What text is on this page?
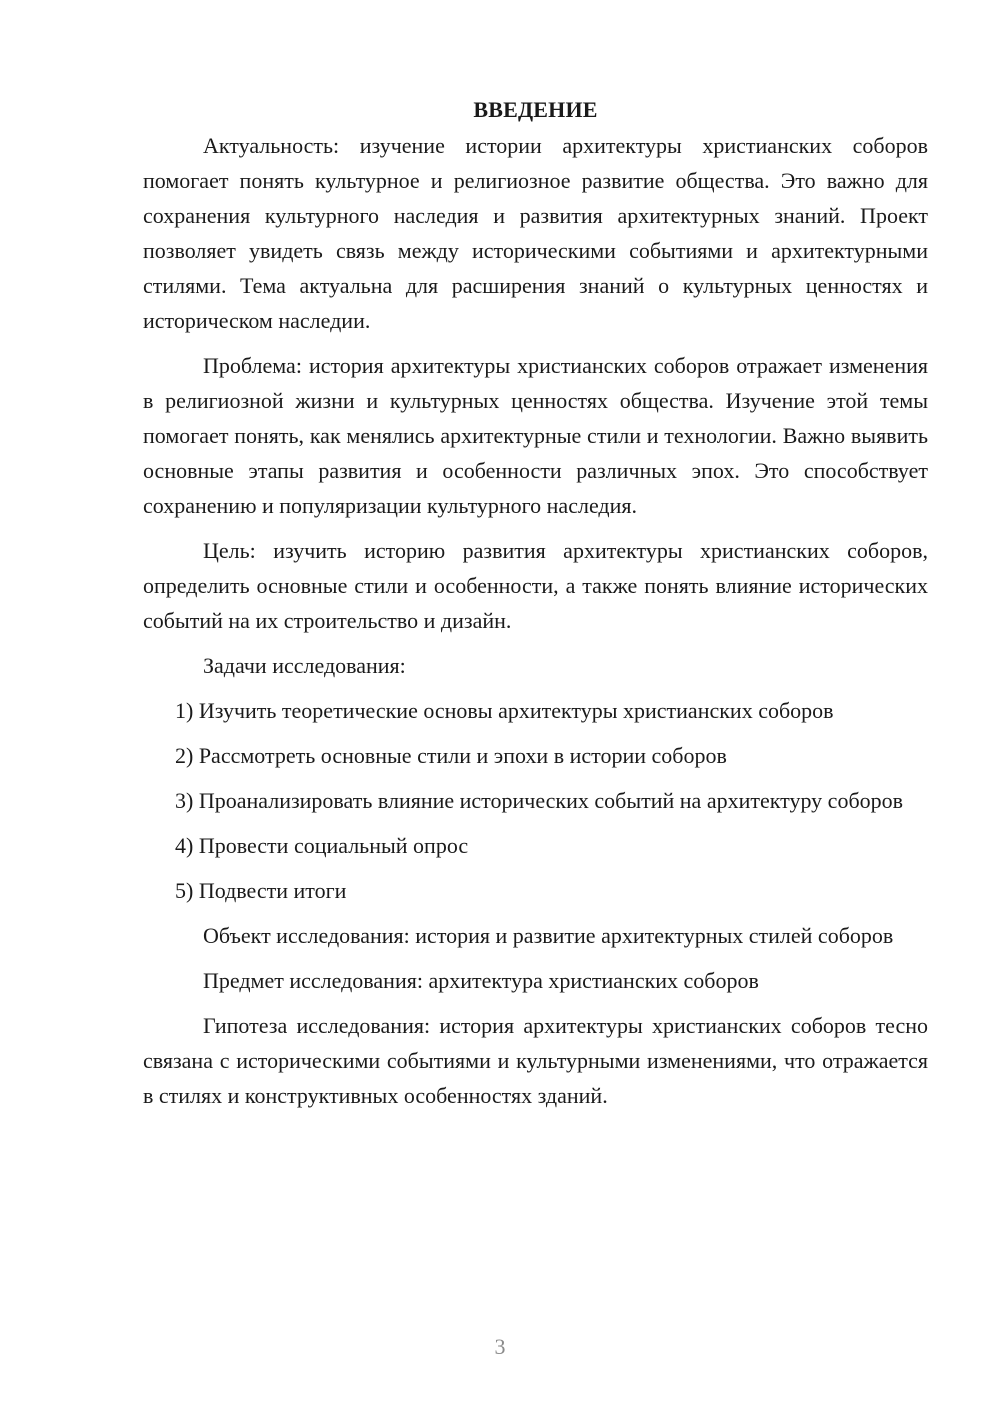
ВВЕДЕНИЕ

Актуальность: изучение истории архитектуры христианских соборов помогает понять культурное и религиозное развитие общества. Это важно для сохранения культурного наследия и развития архитектурных знаний. Проект позволяет увидеть связь между историческими событиями и архитектурными стилями. Тема актуальна для расширения знаний о культурных ценностях и историческом наследии.

Проблема: история архитектуры христианских соборов отражает изменения в религиозной жизни и культурных ценностях общества. Изучение этой темы помогает понять, как менялись архитектурные стили и технологии. Важно выявить основные этапы развития и особенности различных эпох. Это способствует сохранению и популяризации культурного наследия.

Цель: изучить историю развития архитектуры христианских соборов, определить основные стили и особенности, а также понять влияние исторических событий на их строительство и дизайн.

Задачи исследования:

1) Изучить теоретические основы архитектуры христианских соборов

2) Рассмотреть основные стили и эпохи в истории соборов

3) Проанализировать влияние исторических событий на архитектуру соборов

4) Провести социальный опрос

5) Подвести итоги

Объект исследования: история и развитие архитектурных стилей соборов

Предмет исследования: архитектура христианских соборов

Гипотеза исследования: история архитектуры христианских соборов тесно связана с историческими событиями и культурными изменениями, что отражается в стилях и конструктивных особенностях зданий.

3
